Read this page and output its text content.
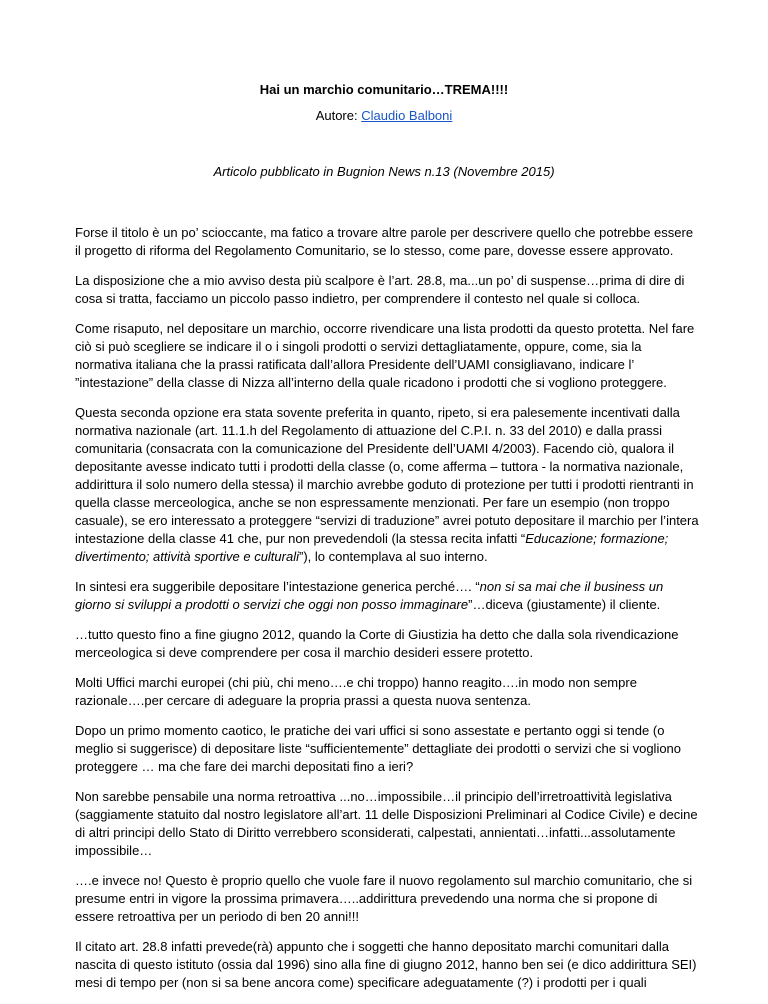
Hai un marchio comunitario…TREMA!!!!
Autore: Claudio Balboni
Articolo pubblicato in Bugnion News n.13 (Novembre 2015)

Forse il titolo è un po’ scioccante, ma fatico a trovare altre parole per descrivere quello che potrebbe essere il progetto di riforma del Regolamento Comunitario, se lo stesso, come pare, dovesse essere approvato.

La disposizione che a mio avviso desta più scalpore è l’art. 28.8, ma...un po’ di suspense…prima di dire di cosa si tratta, facciamo un piccolo passo indietro, per comprendere il contesto nel quale si colloca.

Come risaputo, nel depositare un marchio, occorre rivendicare una lista prodotti da questo protetta. Nel fare ciò si può scegliere se indicare il o i singoli prodotti o servizi dettagliatamente, oppure, come, sia la normativa italiana che la prassi ratificata dall’allora Presidente dell’UAMI consigliavano, indicare l’ ”intestazione” della classe di Nizza all’interno della quale ricadono i prodotti che si vogliono proteggere.

Questa seconda opzione era stata sovente preferita in quanto, ripeto, si era palesemente incentivati dalla normativa nazionale (art. 11.1.h del Regolamento di attuazione del C.P.I. n. 33 del 2010) e dalla prassi comunitaria (consacrata con la comunicazione del Presidente dell’UAMI 4/2003). Facendo ciò, qualora il depositante avesse indicato tutti i prodotti della classe (o, come afferma – tuttora - la normativa nazionale, addirittura il solo numero della stessa) il marchio avrebbe goduto di protezione per tutti i prodotti rientranti in quella classe merceologica, anche se non espressamente menzionati. Per fare un esempio (non troppo casuale), se ero interessato a proteggere “servizi di traduzione” avrei potuto depositare il marchio per l’intera intestazione della classe 41 che, pur non prevedendoli (la stessa recita infatti “Educazione; formazione; divertimento; attività sportive e culturali”), lo contemplava al suo interno.

In sintesi era suggeribile depositare l’intestazione generica perché…. “non si sa mai che il business un giorno si sviluppi a prodotti o servizi che oggi non posso immaginare”…diceva (giustamente) il cliente.

…tutto questo fino a fine giugno 2012, quando la Corte di Giustizia ha detto che dalla sola rivendicazione merceologica si deve comprendere per cosa il marchio desideri essere protetto.

Molti Uffici marchi europei (chi più, chi meno….e chi troppo) hanno reagito….in modo non sempre razionale….per cercare di adeguare la propria prassi a questa nuova sentenza.

Dopo un primo momento caotico, le pratiche dei vari uffici si sono assestate e pertanto oggi si tende (o meglio si suggerisce) di depositare liste “sufficientemente” dettagliate dei prodotti o servizi che si vogliono proteggere … ma che fare dei marchi depositati fino a ieri?

Non sarebbe pensabile una norma retroattiva ...no…impossibile…il principio dell’irretroattività legislativa (saggiamente statuito dal nostro legislatore all’art. 11 delle Disposizioni Preliminari al Codice Civile) e decine di altri principi dello Stato di Diritto verrebbero sconsiderati, calpestati, annientati…infatti...assolutamente impossibile…

….e invece no! Questo è proprio quello che vuole fare il nuovo regolamento sul marchio comunitario, che si presume entri in vigore la prossima primavera…..addirittura prevedendo una norma che si propone di essere retroattiva per un periodo di ben 20 anni!!!

Il citato art. 28.8 infatti prevede(rà) appunto che i soggetti che hanno depositato marchi comunitari dalla nascita di questo istituto (ossia dal 1996) sino alla fine di giugno 2012, hanno ben sei (e dico addirittura SEI) mesi di tempo per (non si sa bene ancora come) specificare adeguatamente (?) i prodotti per i quali
